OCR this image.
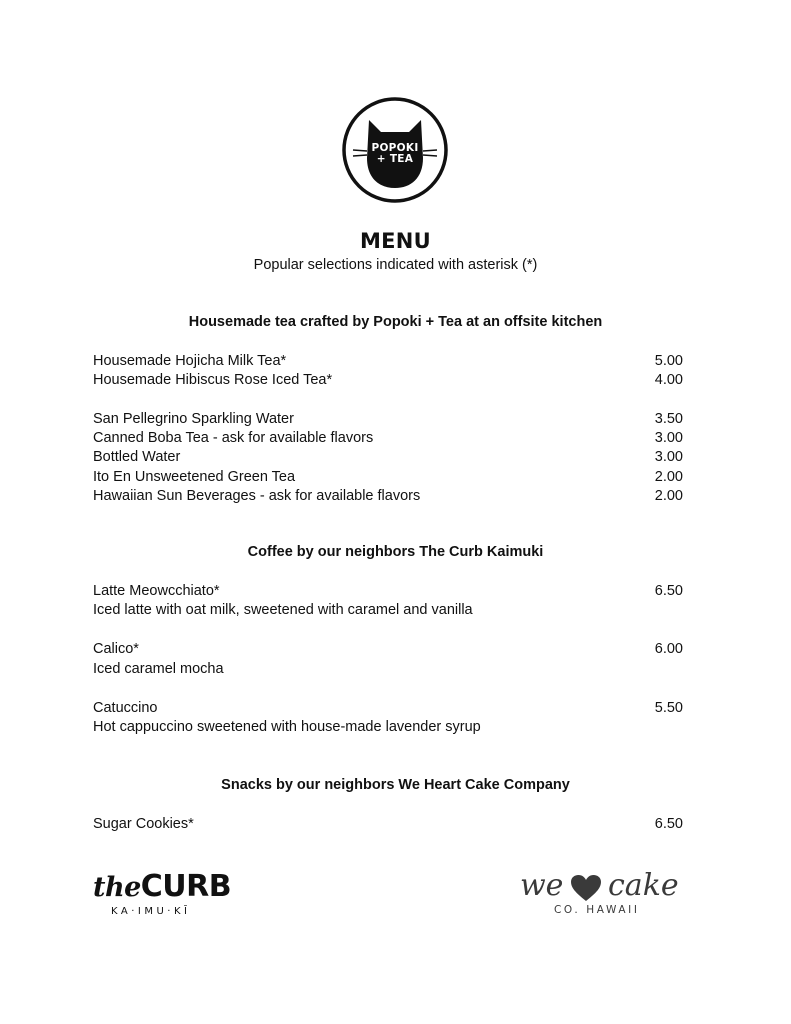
POPOKI
+ TEA
MENU
Popular selections indicated with asterisk (*)
Housemade tea crafted by Popoki + Tea at an offsite kitchen
Housemade Hojicha Milk Tea*	5.00
Housemade Hibiscus Rose Iced Tea*	4.00
San Pellegrino Sparkling Water	3.50
Canned Boba Tea - ask for available flavors	3.00
Bottled Water	3.00
Ito En Unsweetened Green Tea	2.00
Hawaiian Sun Beverages - ask for available flavors	2.00
Coffee by our neighbors The Curb Kaimuki
Latte Meowcchiato*	6.50
Iced latte with oat milk, sweetened with caramel and vanilla
Calico*	6.00
Iced caramel mocha
Catuccino	5.50
Hot cappuccino sweetened with house-made lavender syrup
Snacks by our neighbors We Heart Cake Company
Sugar Cookies*	6.50
theCURB
KA·IMU·KĪ
we cake
CO. HAWAII
